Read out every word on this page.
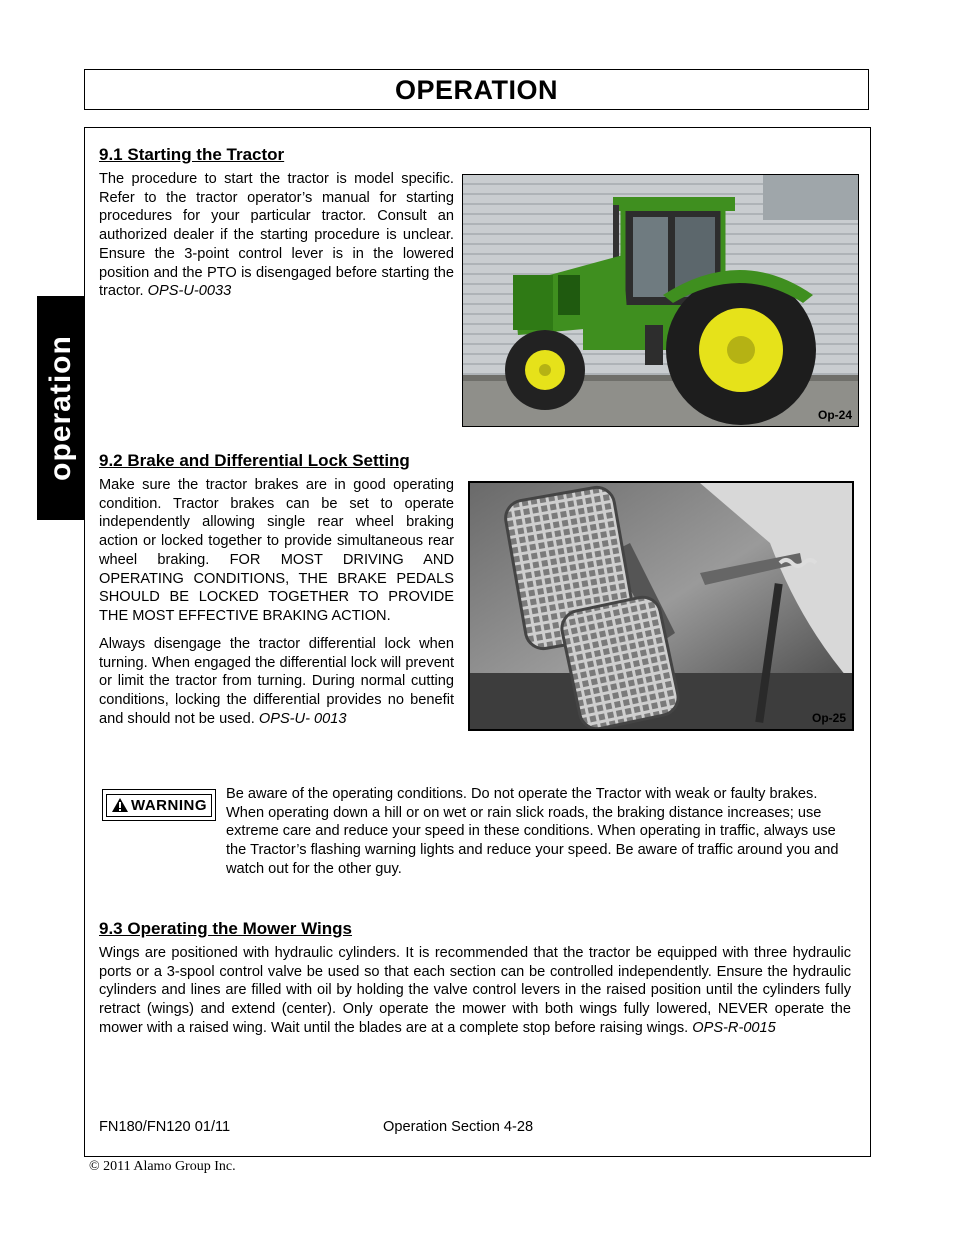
OPERATION
operation
9.1 Starting the Tractor

The procedure to start the tractor is model specific. Refer to the tractor operator’s manual for starting procedures for your particular tractor. Consult an authorized dealer if the starting procedure is unclear. Ensure the 3-point control lever is in the lowered position and the PTO is disengaged before starting the tractor. OPS-U-0033

Op-24
9.2 Brake and Differential Lock Setting

Make sure the tractor brakes are in good operating condition. Tractor brakes can be set to operate independently allowing single rear wheel braking action or locked together to provide simultaneous rear wheel braking. FOR MOST DRIVING AND OPERATING CONDITIONS, THE BRAKE PEDALS SHOULD BE LOCKED TOGETHER TO PROVIDE THE MOST EFFECTIVE BRAKING ACTION.

Always disengage the tractor differential lock when turning. When engaged the differential lock will prevent or limit the tractor from turning. During normal cutting conditions, locking the differential provides no benefit and should not be used. OPS-U- 0013	Op-25
WARNING

Be aware of the operating conditions. Do not operate the Tractor with weak or faulty brakes. When operating down a hill or on wet or rain slick roads, the braking distance increases; use extreme care and reduce your speed in these conditions. When operating in traffic, always use the Tractor’s flashing warning lights and reduce your speed. Be aware of traffic around you and watch out for the other guy.

9.3 Operating the Mower Wings

Wings are positioned with hydraulic cylinders. It is recommended that the tractor be equipped with three hydraulic ports or a 3-spool control valve be used so that each section can be controlled independently. Ensure the hydraulic cylinders and lines are filled with oil by holding the valve control levers in the raised position until the cylinders fully retract (wings) and extend (center). Only operate the mower with both wings fully lowered, NEVER operate the mower with a raised wing. Wait until the blades are at a complete stop before raising wings. OPS-R-0015

FN180/FN120 01/11	Operation Section 4-28
© 2011 Alamo Group Inc.
